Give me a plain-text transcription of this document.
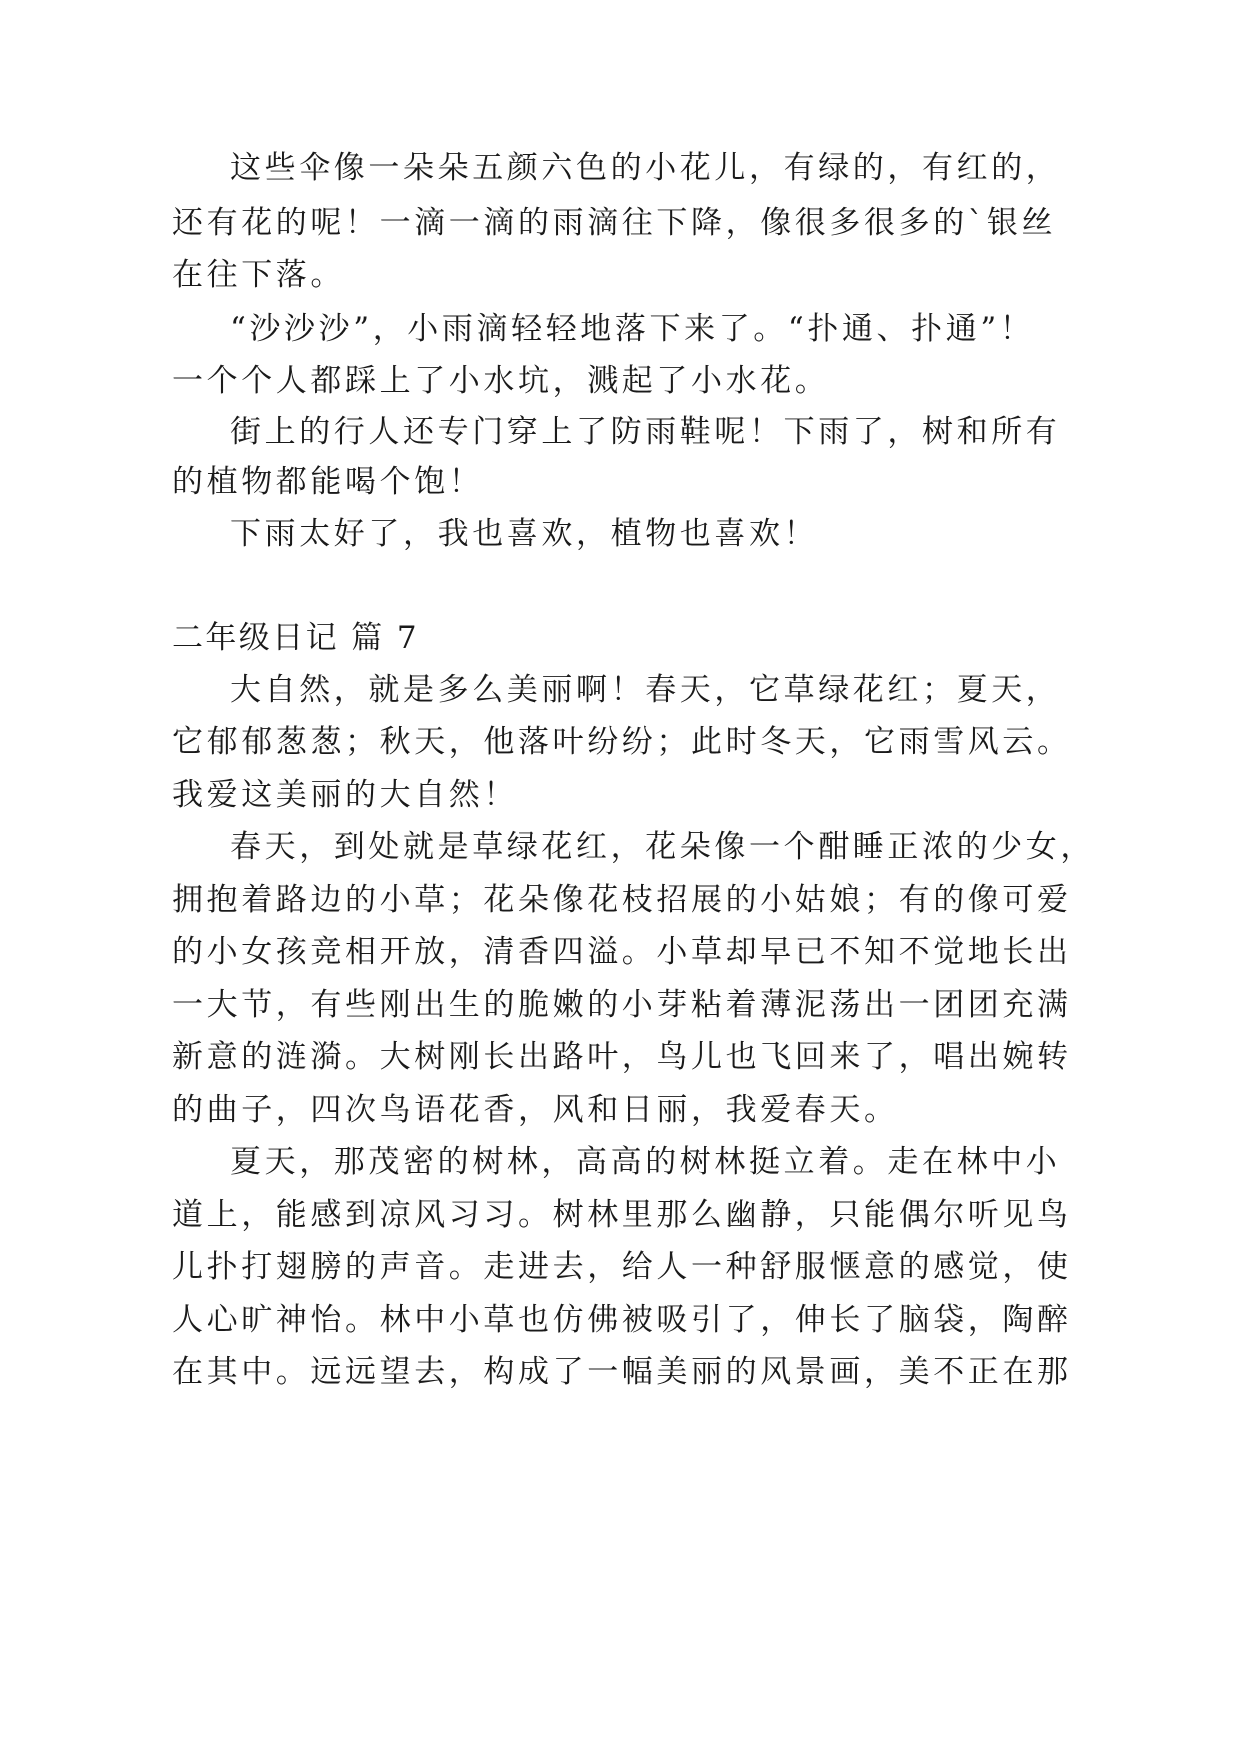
这些伞像一朵朵五颜六色的小花儿，有绿的，有红的，
还有花的呢！一滴一滴的雨滴往下降，像很多很多的`银丝
在往下落。
“沙沙沙”，小雨滴轻轻地落下来了。“扑通、扑通”！
一个个人都踩上了小水坑，溅起了小水花。
街上的行人还专门穿上了防雨鞋呢！下雨了，树和所有
的植物都能喝个饱！
下雨太好了，我也喜欢，植物也喜欢！
二年级日记 篇 7
大自然，就是多么美丽啊！春天，它草绿花红；夏天，
它郁郁葱葱；秋天，他落叶纷纷；此时冬天，它雨雪风云。
我爱这美丽的大自然！
春天，到处就是草绿花红，花朵像一个酣睡正浓的少女，
拥抱着路边的小草；花朵像花枝招展的小姑娘；有的像可爱
的小女孩竞相开放，清香四溢。小草却早已不知不觉地长出
一大节，有些刚出生的脆嫩的小芽粘着薄泥荡出一团团充满
新意的涟漪。大树刚长出路叶，鸟儿也飞回来了，唱出婉转
的曲子，四次鸟语花香，风和日丽，我爱春天。
夏天，那茂密的树林，高高的树林挺立着。走在林中小
道上，能感到凉风习习。树林里那么幽静，只能偶尔听见鸟
儿扑打翅膀的声音。走进去，给人一种舒服惬意的感觉，使
人心旷神怡。林中小草也仿佛被吸引了，伸长了脑袋，陶醉
在其中。远远望去，构成了一幅美丽的风景画，美不正在那
